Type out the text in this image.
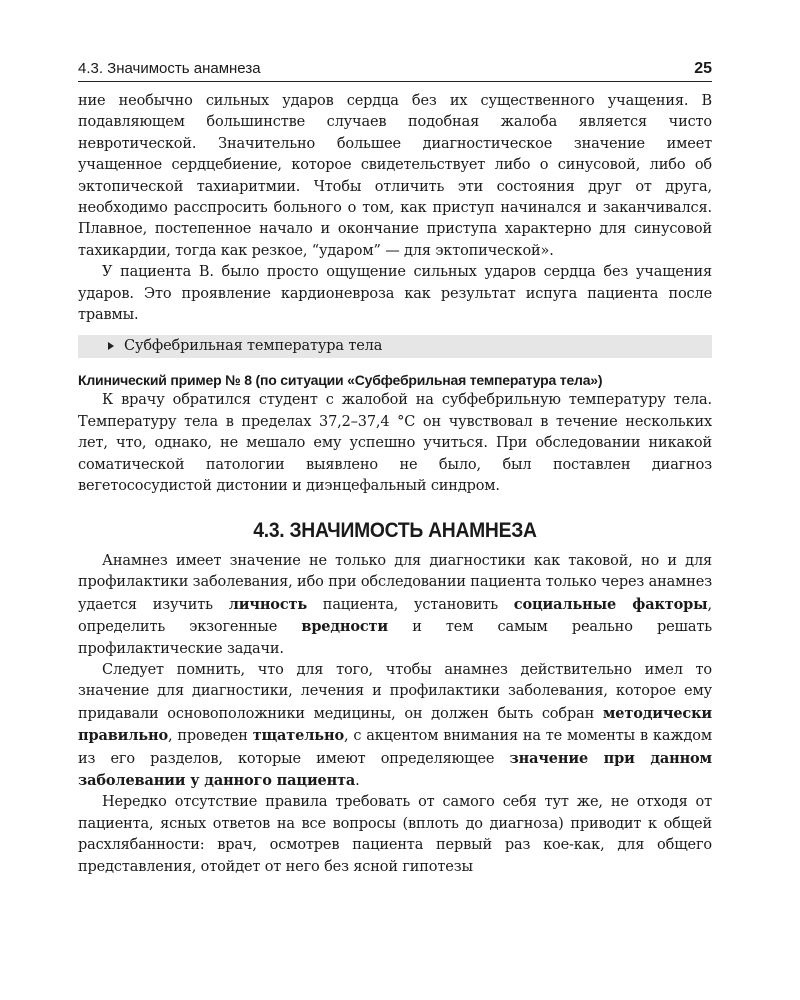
4.3. Значимость анамнеза	25

ние необычно сильных ударов сердца без их существенного учащения. В подавляющем большинстве случаев подобная жалоба является чисто невротической. Значительно большее диагностическое значение имеет учащенное сердцебиение, которое свидетельствует либо о синусовой, либо об эктопической тахиаритмии. Чтобы отличить эти состояния друг от друга, необходимо расспросить больного о том, как приступ начинался и заканчивался. Плавное, постепенное начало и окончание приступа характерно для синусовой тахикардии, тогда как резкое, “ударом” — для эктопической».

У пациента В. было просто ощущение сильных ударов сердца без учащения ударов. Это проявление кардионевроза как результат испуга пациента после травмы.

Субфебрильная температура тела
Клинический пример № 8 (по ситуации «Субфебрильная температура тела»)

К врачу обратился студент с жалобой на субфебрильную температуру тела. Температуру тела в пределах 37,2–37,4 °С он чувствовал в течение нескольких лет, что, однако, не мешало ему успешно учиться. При обследовании никакой соматической патологии выявлено не было, был поставлен диагноз вегетососудистой дистонии и диэнцефальный синдром.

4.3. ЗНАЧИМОСТЬ АНАМНЕЗА

Анамнез имеет значение не только для диагностики как таковой, но и для профилактики заболевания, ибо при обследовании пациента только через анамнез удается изучить личность пациента, установить социальные факторы, определить экзогенные вредности и тем самым реально решать профилактические задачи.

Следует помнить, что для того, чтобы анамнез действительно имел то значение для диагностики, лечения и профилактики заболевания, которое ему придавали основоположники медицины, он должен быть собран методически правильно, проведен тщательно, с акцентом внимания на те моменты в каждом из его разделов, которые имеют определяющее значение при данном заболевании у данного пациента.

Нередко отсутствие правила требовать от самого себя тут же, не отходя от пациента, ясных ответов на все вопросы (вплоть до диагноза) приводит к общей расхлябанности: врач, осмотрев пациента первый раз кое-как, для общего представления, отойдет от него без ясной гипотезы
